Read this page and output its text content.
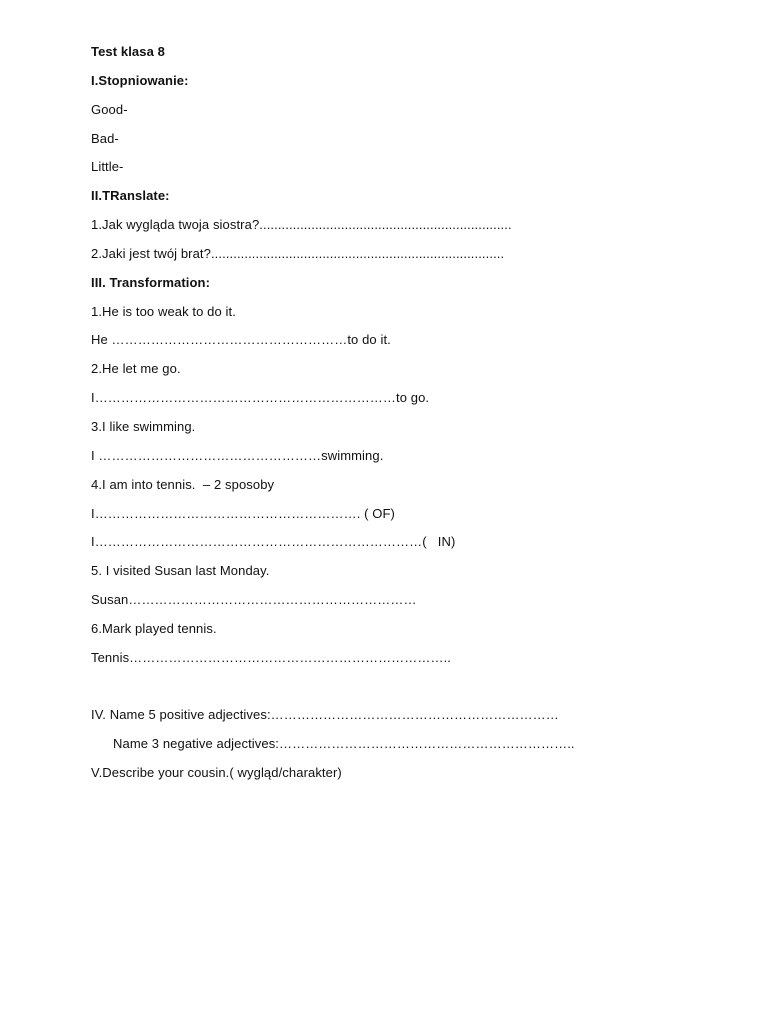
Test klasa 8
I.Stopniowanie:
Good-
Bad-
Little-
II.TRanslate:
1.Jak wygląda twoja siostra?....................................................................
2.Jaki jest twój brat?...............................................................................
III. Transformation:
1.He is too weak to do it.
He ………………………………………………to do it.
2.He let me go.
I……………………………………………………………to go.
3.I like swimming.
I ……………………………………………swimming.
4.I am into tennis.  – 2 sposoby
I……………………………………………………. ( OF)
I…………………………………………………………………(   IN)
5. I visited Susan last Monday.
Susan…………………………………………………………
6.Mark played tennis.
Tennis………………………………………………………………..
IV. Name 5 positive adjectives:…………………………………………………………
Name 3 negative adjectives:…………………………………………………………..
V.Describe your cousin.( wygląd/charakter)
